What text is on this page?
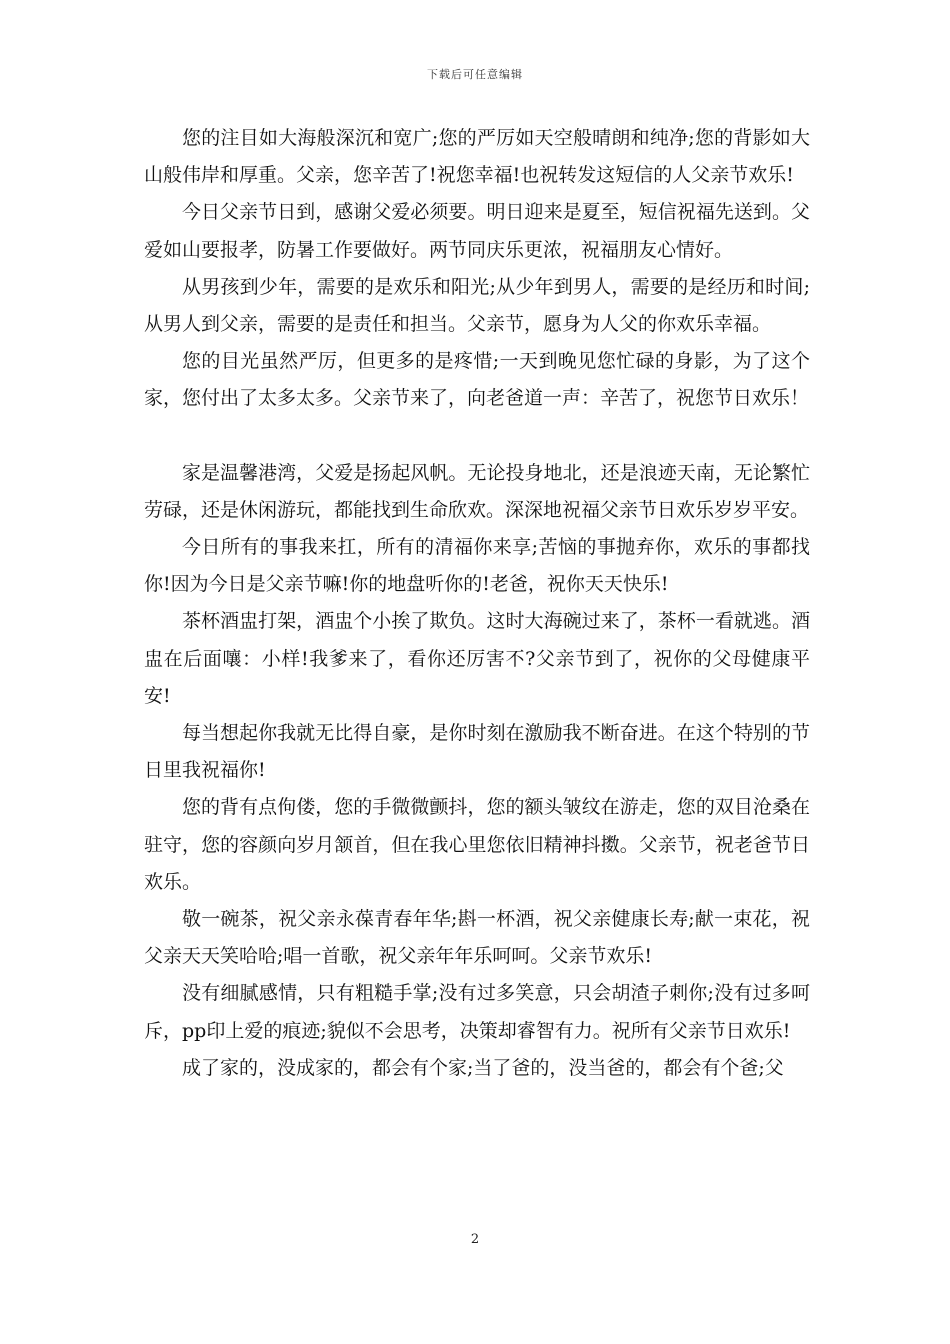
下载后可任意编辑

您的注目如大海般深沉和宽广;您的严厉如天空般晴朗和纯净;您的背影如大山般伟岸和厚重。父亲，您辛苦了!祝您幸福!也祝转发这短信的人父亲节欢乐!

今日父亲节日到，感谢父爱必须要。明日迎来是夏至，短信祝福先送到。父爱如山要报孝，防暑工作要做好。两节同庆乐更浓，祝福朋友心情好。

从男孩到少年，需要的是欢乐和阳光;从少年到男人，需要的是经历和时间;从男人到父亲，需要的是责任和担当。父亲节，愿身为人父的你欢乐幸福。

您的目光虽然严厉，但更多的是疼惜;一天到晚见您忙碌的身影，为了这个家，您付出了太多太多。父亲节来了，向老爸道一声：辛苦了，祝您节日欢乐！

家是温馨港湾，父爱是扬起风帆。无论投身地北，还是浪迹天南，无论繁忙劳碌，还是休闲游玩，都能找到生命欣欢。深深地祝福父亲节日欢乐岁岁平安。

今日所有的事我来扛，所有的清福你来享;苦恼的事抛弃你，欢乐的事都找你!因为今日是父亲节嘛!你的地盘听你的!老爸，祝你天天快乐!

茶杯酒盅打架，酒盅个小挨了欺负。这时大海碗过来了，茶杯一看就逃。酒盅在后面嚷：小样!我爹来了，看你还厉害不?父亲节到了，祝你的父母健康平安!

每当想起你我就无比得自豪，是你时刻在激励我不断奋进。在这个特别的节日里我祝福你!

您的背有点佝偻，您的手微微颤抖，您的额头皱纹在游走，您的双目沧桑在驻守，您的容颜向岁月颔首，但在我心里您依旧精神抖擞。父亲节，祝老爸节日欢乐。

敬一碗茶，祝父亲永葆青春年华;斟一杯酒，祝父亲健康长寿;献一束花，祝父亲天天笑哈哈;唱一首歌，祝父亲年年乐呵呵。父亲节欢乐!

没有细腻感情，只有粗糙手掌;没有过多笑意，只会胡渣子刺你;没有过多呵斥，pp印上爱的痕迹;貌似不会思考，决策却睿智有力。祝所有父亲节日欢乐!

成了家的，没成家的，都会有个家;当了爸的，没当爸的，都会有个爸;父

2
